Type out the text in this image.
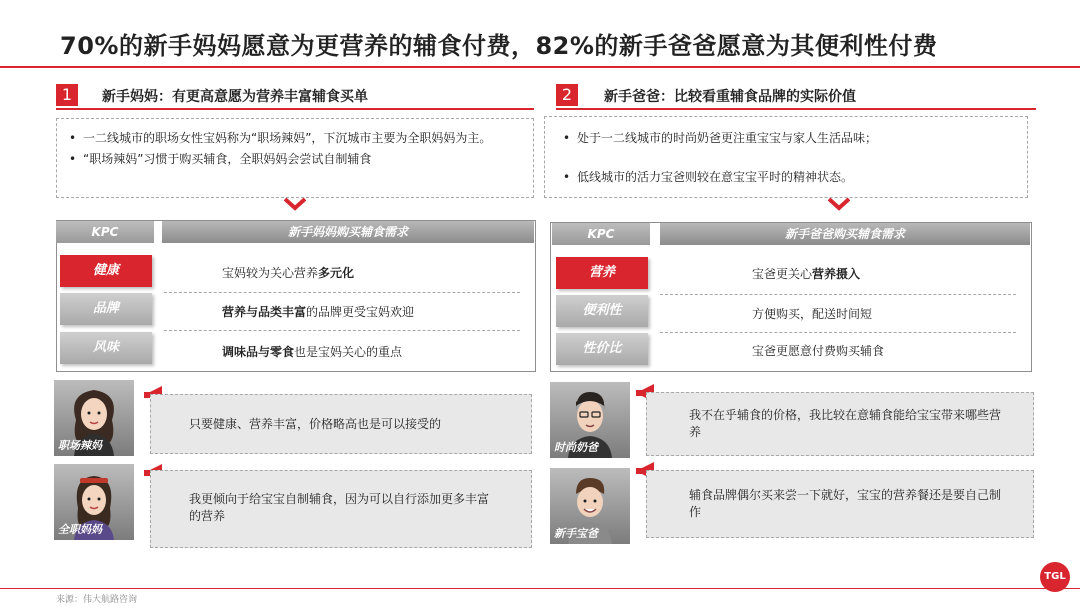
70%的新手妈妈愿意为更营养的辅食付费，82%的新手爸爸愿意为其便利性付费
1	新手妈妈：有更高意愿为营养丰富辅食买单
• 一二线城市的职场女性宝妈称为“职场辣妈”，下沉城市主要为全职妈妈为主。
• “职场辣妈”习惯于购买辅食，全职妈妈会尝试自制辅食
KPC	新手妈妈购买辅食需求
健康	宝妈较为关心营养多元化
品牌	营养与品类丰富的品牌更受宝妈欢迎
风味	调味品与零食也是宝妈关心的重点
职场辣妈
只要健康、营养丰富，价格略高也是可以接受的
全职妈妈
我更倾向于给宝宝自制辅食，因为可以自行添加更多丰富的营养
2	新手爸爸：比较看重辅食品牌的实际价值
• 处于一二线城市的时尚奶爸更注重宝宝与家人生活品味；
• 低线城市的活力宝爸则较在意宝宝平时的精神状态。
KPC	新手爸爸购买辅食需求
营养	宝爸更关心营养摄入
便利性	方便购买，配送时间短
性价比	宝爸更愿意付费购买辅食
时尚奶爸
我不在乎辅食的价格，我比较在意辅食能给宝宝带来哪些营养
新手宝爸
辅食品牌偶尔买来尝一下就好，宝宝的营养餐还是要自己制作
来源：伟大航路咨询
TGL
